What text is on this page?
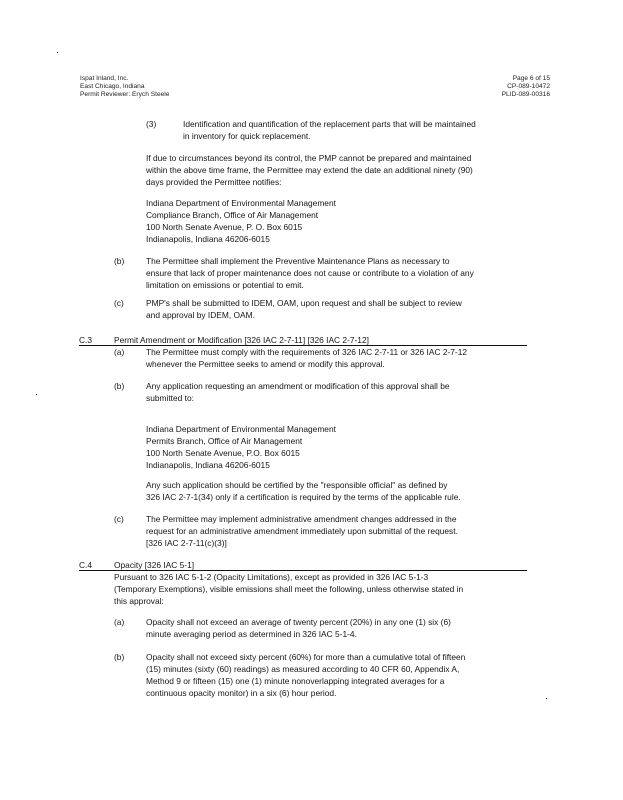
Ispat Inland, Inc.
East Chicago, Indiana
Permit Reviewer: Erych Steele
Page 6 of 15
CP-089-10472
PLID-089-00316
(3)	Identification and quantification of the replacement parts that will be maintained
in inventory for quick replacement.
If due to circumstances beyond its control, the PMP cannot be prepared and maintained
within the above time frame, the Permittee may extend the date an additional ninety (90)
days provided the Permittee notifies:
Indiana Department of Environmental Management
Compliance Branch, Office of Air Management
100 North Senate Avenue, P. O. Box 6015
Indianapolis, Indiana 46206-6015
(b)	The Permittee shall implement the Preventive Maintenance Plans as necessary to
ensure that lack of proper maintenance does not cause or contribute to a violation of any
limitation on emissions or potential to emit.
(c)	PMP's shall be submitted to IDEM, OAM, upon request and shall be subject to review
and approval by IDEM, OAM.
C.3	Permit Amendment or Modification [326 IAC 2-7-11] [326 IAC 2-7-12]
(a)	The Permittee must comply with the requirements of 326 IAC 2-7-11 or 326 IAC 2-7-12
whenever the Permittee seeks to amend or modify this approval.
(b)	Any application requesting an amendment or modification of this approval shall be
submitted to:
Indiana Department of Environmental Management
Permits Branch, Office of Air Management
100 North Senate Avenue, P.O. Box 6015
Indianapolis, Indiana 46206-6015
Any such application should be certified by the "responsible official" as defined by
326 IAC 2-7-1(34) only if a certification is required by the terms of the applicable rule.
(c)	The Permittee may implement administrative amendment changes addressed in the
request for an administrative amendment immediately upon submittal of the request.
[326 IAC 2-7-11(c)(3)]
C.4	Opacity [326 IAC 5-1]
Pursuant to 326 IAC 5-1-2 (Opacity Limitations), except as provided in 326 IAC 5-1-3
(Temporary Exemptions), visible emissions shall meet the following, unless otherwise stated in
this approval:
(a)	Opacity shall not exceed an average of twenty percent (20%) in any one (1) six (6)
minute averaging period as determined in 326 IAC 5-1-4.
(b)	Opacity shall not exceed sixty percent (60%) for more than a cumulative total of fifteen
(15) minutes (sixty (60) readings) as measured according to 40 CFR 60, Appendix A,
Method 9 or fifteen (15) one (1) minute nonoverlapping integrated averages for a
continuous opacity monitor) in a six (6) hour period.
